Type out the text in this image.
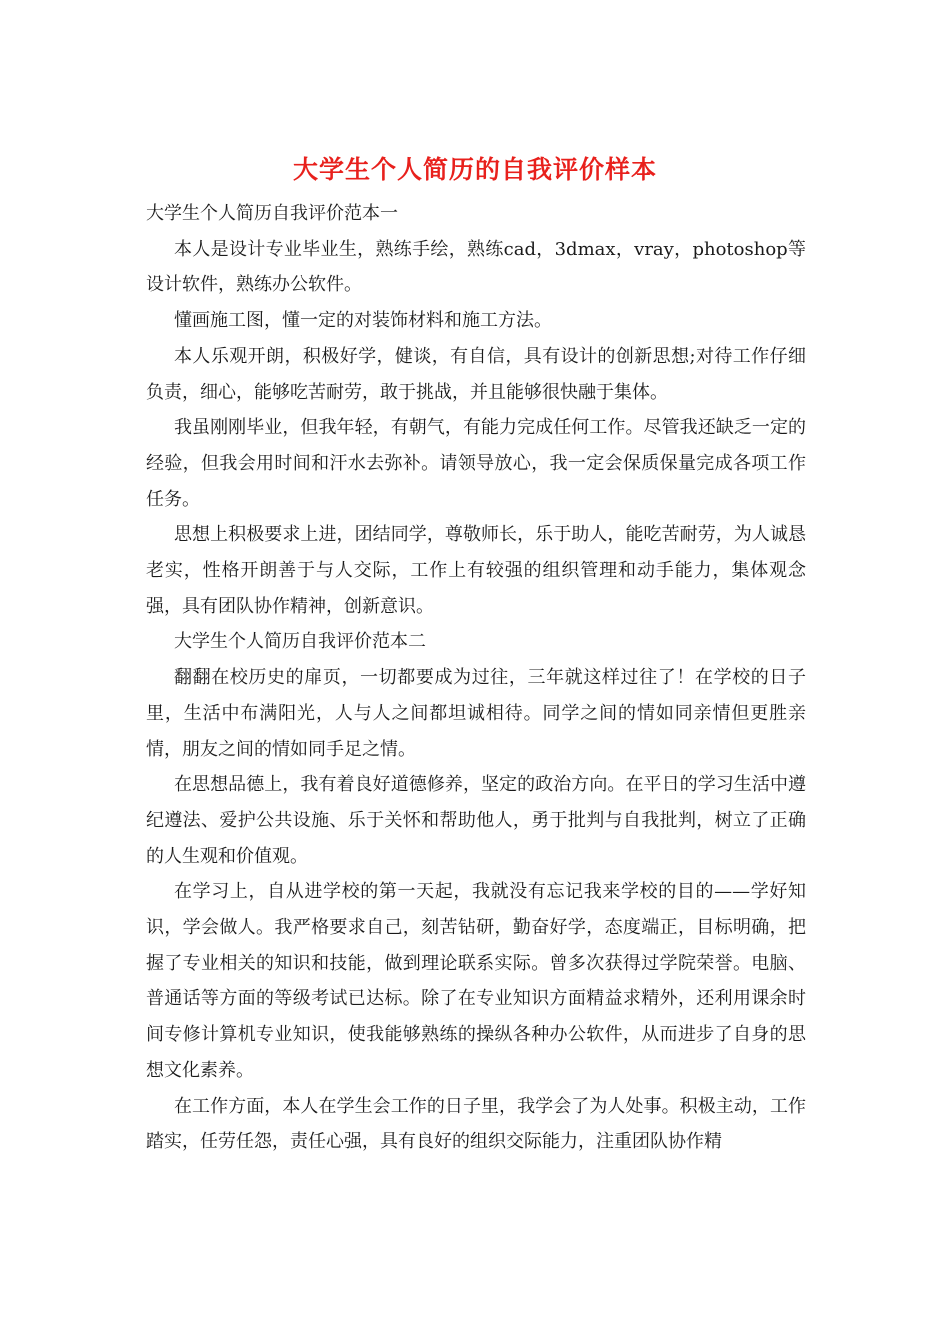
大学生个人简历的自我评价样本

大学生个人简历自我评价范本一

本人是设计专业毕业生，熟练手绘，熟练cad，3dmax，vray，photoshop等设计软件，熟练办公软件。

懂画施工图，懂一定的对装饰材料和施工方法。

本人乐观开朗，积极好学，健谈，有自信，具有设计的创新思想;对待工作仔细负责，细心，能够吃苦耐劳，敢于挑战，并且能够很快融于集体。

我虽刚刚毕业，但我年轻，有朝气，有能力完成任何工作。尽管我还缺乏一定的经验，但我会用时间和汗水去弥补。请领导放心，我一定会保质保量完成各项工作任务。

思想上积极要求上进，团结同学，尊敬师长，乐于助人，能吃苦耐劳，为人诚恳老实，性格开朗善于与人交际，工作上有较强的组织管理和动手能力，集体观念强，具有团队协作精神，创新意识。

大学生个人简历自我评价范本二

翻翻在校历史的扉页，一切都要成为过往，三年就这样过往了！在学校的日子里，生活中布满阳光，人与人之间都坦诚相待。同学之间的情如同亲情但更胜亲情，朋友之间的情如同手足之情。

在思想品德上，我有着良好道德修养，坚定的政治方向。在平日的学习生活中遵纪遵法、爱护公共设施、乐于关怀和帮助他人，勇于批判与自我批判，树立了正确的人生观和价值观。

在学习上，自从进学校的第一天起，我就没有忘记我来学校的目的——学好知识，学会做人。我严格要求自己，刻苦钻研，勤奋好学，态度端正，目标明确，把握了专业相关的知识和技能，做到理论联系实际。曾多次获得过学院荣誉。电脑、普通话等方面的等级考试已达标。除了在专业知识方面精益求精外，还利用课余时间专修计算机专业知识，使我能够熟练的操纵各种办公软件，从而进步了自身的思想文化素养。

在工作方面，本人在学生会工作的日子里，我学会了为人处事。积极主动，工作踏实，任劳任怨，责任心强，具有良好的组织交际能力，注重团队协作精
